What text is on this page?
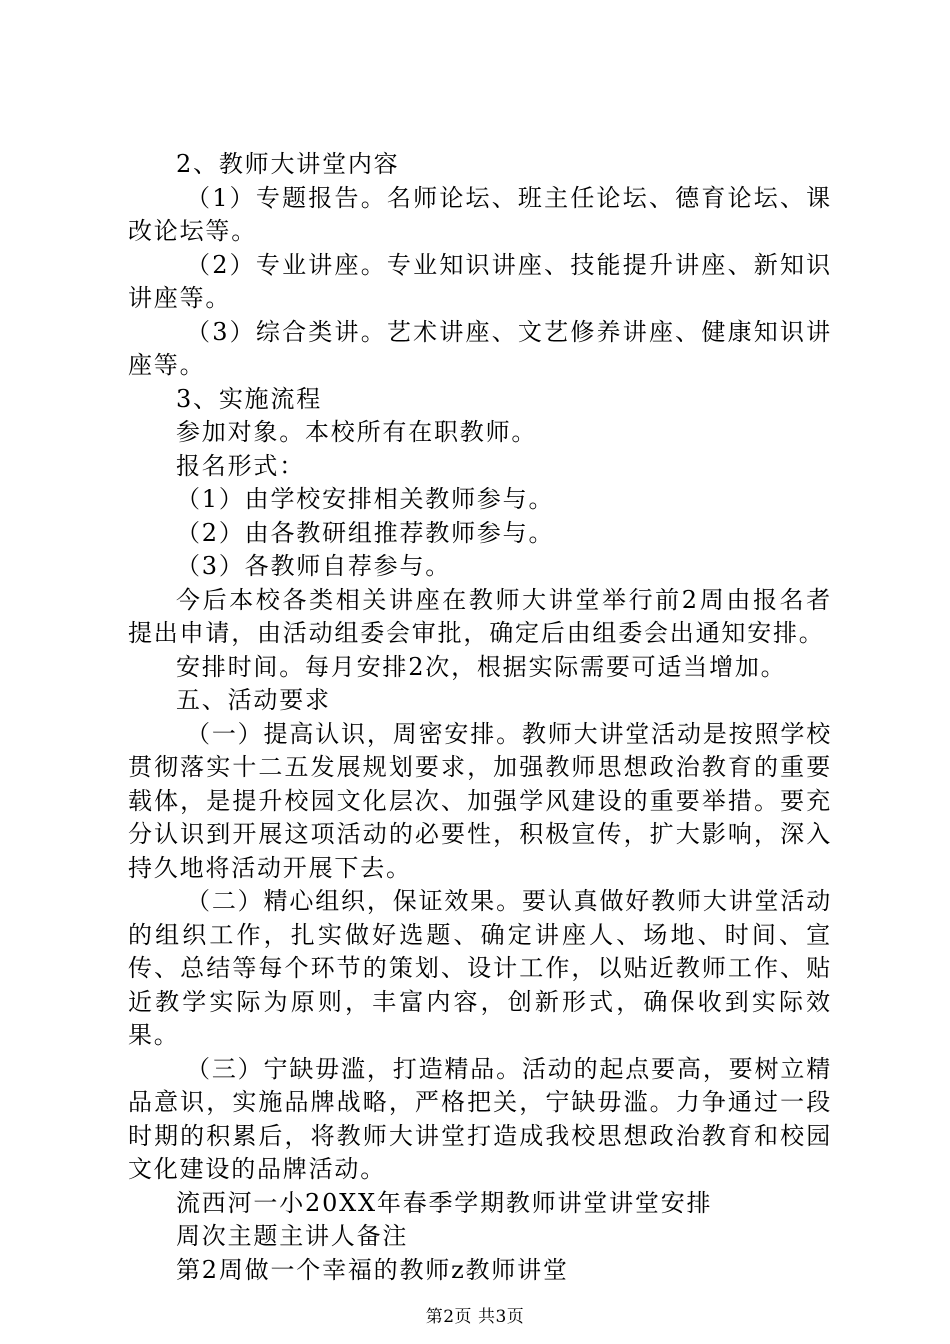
2、教师大讲堂内容

（1）专题报告。名师论坛、班主任论坛、德育论坛、课改论坛等。

（2）专业讲座。专业知识讲座、技能提升讲座、新知识讲座等。

（3）综合类讲。艺术讲座、文艺修养讲座、健康知识讲座等。

3、实施流程

参加对象。本校所有在职教师。

报名形式：

（1）由学校安排相关教师参与。

（2）由各教研组推荐教师参与。

（3）各教师自荐参与。

今后本校各类相关讲座在教师大讲堂举行前2周由报名者提出申请，由活动组委会审批，确定后由组委会出通知安排。

安排时间。每月安排2次，根据实际需要可适当增加。

五、活动要求

（一）提高认识，周密安排。教师大讲堂活动是按照学校贯彻落实十二五发展规划要求，加强教师思想政治教育的重要载体，是提升校园文化层次、加强学风建设的重要举措。要充分认识到开展这项活动的必要性，积极宣传，扩大影响，深入持久地将活动开展下去。

（二）精心组织，保证效果。要认真做好教师大讲堂活动的组织工作，扎实做好选题、确定讲座人、场地、时间、宣传、总结等每个环节的策划、设计工作，以贴近教师工作、贴近教学实际为原则，丰富内容，创新形式，确保收到实际效果。

（三）宁缺毋滥，打造精品。活动的起点要高，要树立精品意识，实施品牌战略，严格把关，宁缺毋滥。力争通过一段时期的积累后，将教师大讲堂打造成我校思想政治教育和校园文化建设的品牌活动。

流西河一小20XX年春季学期教师讲堂讲堂安排

周次主题主讲人备注

第2周做一个幸福的教师z教师讲堂

第2页 共3页
